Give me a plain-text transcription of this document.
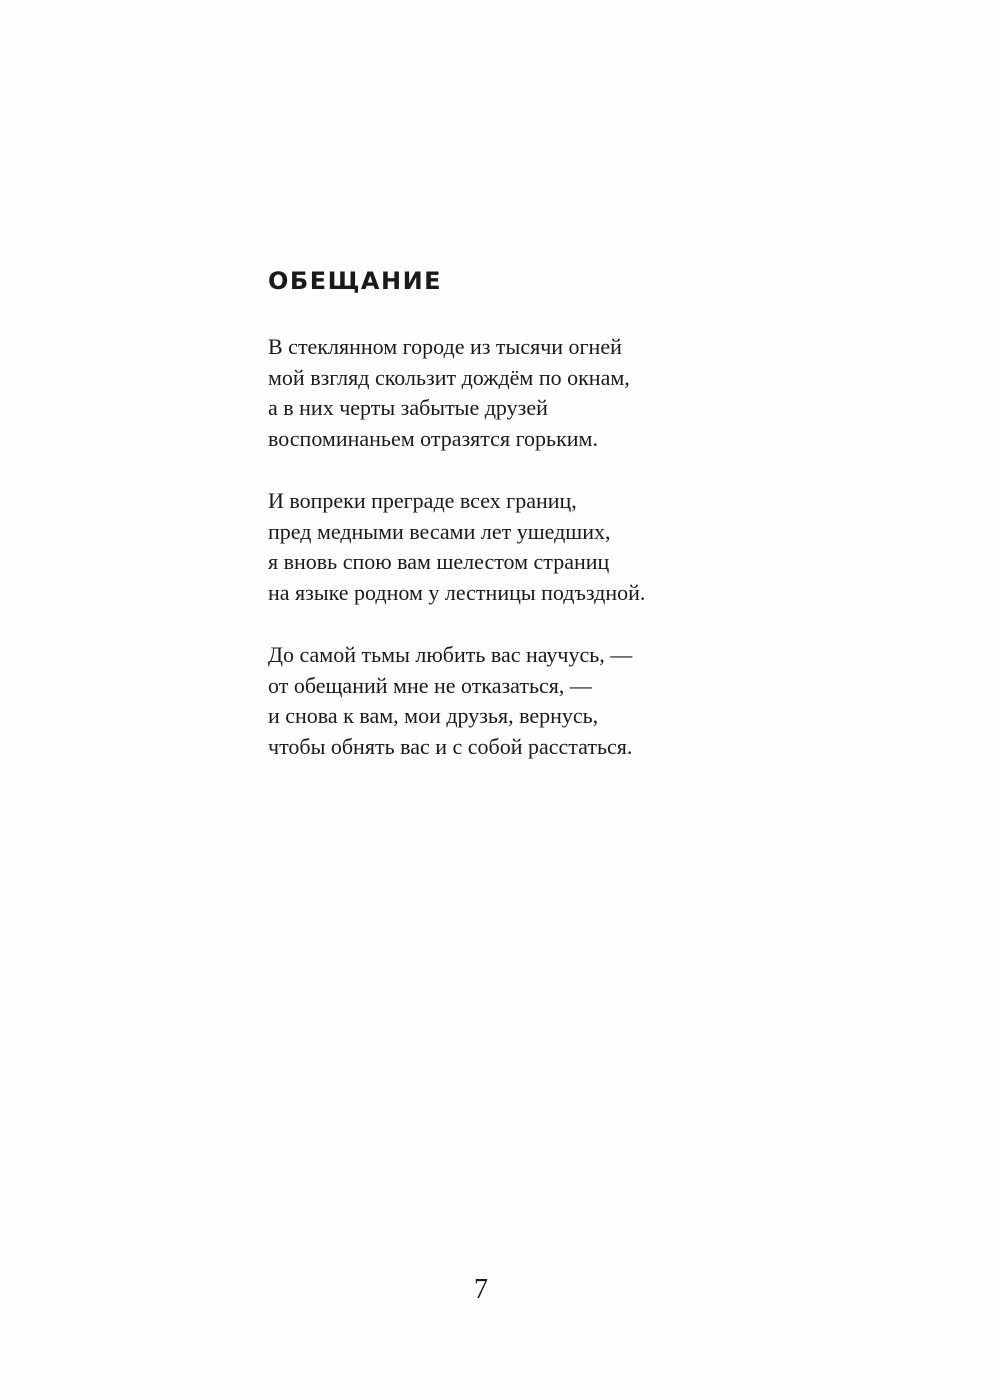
ОБЕЩАНИЕ
В стеклянном городе из тысячи огней
мой взгляд скользит дождём по окнам,
а в них черты забытые друзей
воспоминаньем отразятся горьким.
И вопреки преграде всех границ,
пред медными весами лет ушедших,
я вновь спою вам шелестом страниц
на языке родном у лестницы подъздной.
До самой тьмы любить вас научусь, —
от обещаний мне не отказаться, —
и снова к вам, мои друзья, вернусь,
чтобы обнять вас и с собой расстаться.
7
